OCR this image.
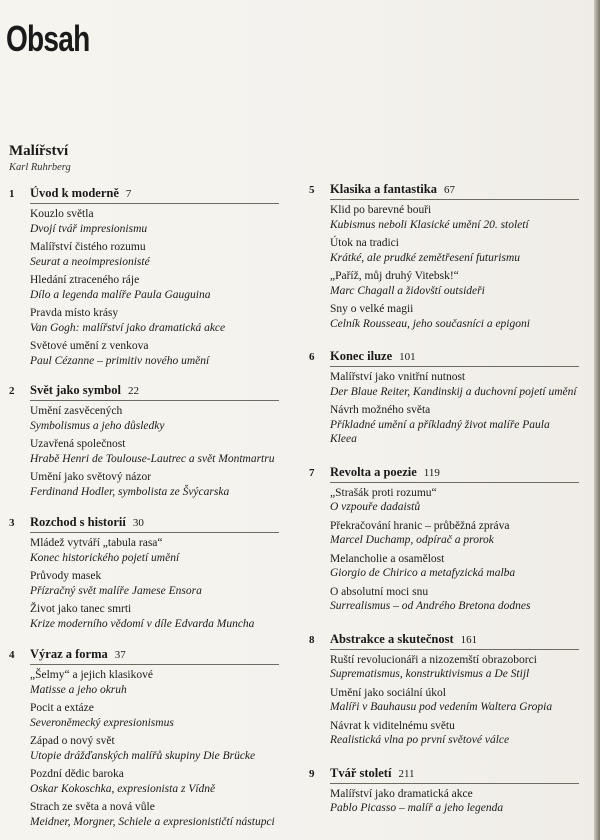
Obsah
Malířství
Karl Ruhrberg
1 Úvod k moderně 7
Kouzlo světla
Dvojí tvář impresionismu
Malířství čistého rozumu
Seurat a neoimpresionisté
Hledání ztraceného ráje
Dílo a legenda malíře Paula Gauguina
Pravda místo krásy
Van Gogh: malířství jako dramatická akce
Světové umění z venkova
Paul Cézanne – primitiv nového umění
2 Svět jako symbol 22
Umění zasvěcených
Symbolismus a jeho důsledky
Uzavřená společnost
Hrabě Henri de Toulouse-Lautrec a svět Montmartru
Umění jako světový názor
Ferdinand Hodler, symbolista ze Švýcarska
3 Rozchod s historií 30
Mládež vytváří „tabula rasa“
Konec historického pojetí umění
Průvody masek
Přízračný svět malíře Jamese Ensora
Život jako tanec smrti
Krize moderního vědomí v díle Edvarda Muncha
4 Výraz a forma 37
„Šelmy“ a jejich klasikové
Matisse a jeho okruh
Pocit a extáze
Severoněmecký expresionismus
Západ o nový svět
Utopie drážďanských malířů skupiny Die Brücke
Pozdní dědic baroka
Oskar Kokoschka, expresionista z Vídně
Strach ze světa a nová vůle
Meidner, Morgner, Schiele a expresionističtí nástupci
5 Klasika a fantastika 67
Klid po barevné bouři
Kubismus neboli Klasické umění 20. století
Útok na tradici
Krátké, ale prudké zemětřesení futurismu
„Paříž, můj druhý Vitebsk!“
Marc Chagall a židovští outsideři
Sny o velké magii
Celník Rousseau, jeho současníci a epigoni
6 Konec iluze 101
Malířství jako vnitřní nutnost
Der Blaue Reiter, Kandinskij a duchovní pojetí umění
Návrh možného světa
Příkladné umění a příkladný život malíře Paula Kleea
7 Revolta a poezie 119
„Strašák proti rozumu“
O vzpouře dadaistů
Překračování hranic – průběžná zpráva
Marcel Duchamp, odpírač a prorok
Melancholie a osamělost
Giorgio de Chirico a metafyzická malba
O absolutní moci snu
Surrealismus – od Andrého Bretona dodnes
8 Abstrakce a skutečnost 161
Ruští revolucionáři a nizozemští obrazoborci
Suprematismus, konstruktivismus a De Stijl
Umění jako sociální úkol
Malíři v Bauhausu pod vedením Waltera Gropia
Návrat k viditelnému světu
Realistická vlna po první světové válce
9 Tvář století 211
Malířství jako dramatická akce
Pablo Picasso – malíř a jeho legenda
